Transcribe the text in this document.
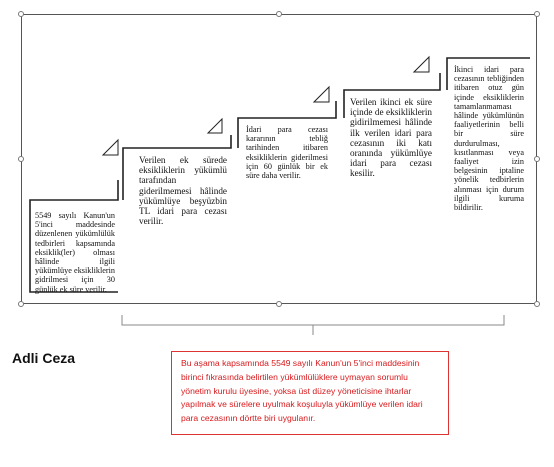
5549 sayılı Kanun'un 5'inci maddesinde düzenlenen yükümlülük tedbirleri kapsamında eksiklik(ler) olması hâlinde ilgili yükümlüye eksikliklerin gidrilmesi için 30 günlük ek süre verilir.
Verilen ek sürede eksikliklerin yükümlü tarafından giderilmemesi hâlinde yükümlüye beşyüzbin TL idari para cezası verilir.
İdari para cezası kararının tebliğ tarihinden itibaren eksikliklerin giderilmesi için 60 günlük bir ek süre daha verilir.
Verilen ikinci ek süre içinde de eksikliklerin gidirilmemesi hâlinde ilk verilen idari para cezasının iki katı oranında yükümlüye idari para cezası kesilir.
İkinci idari para cezasının tebliğinden itibaren otuz gün içinde eksikliklerin tamamlanmaması hâlinde yükümlünün faaliyetlerinin belli bir süre durdurulması, kısıtlanması veya faaliyet izin belgesinin iptaline yönelik tedbirlerin alınması için durum ilgili kuruma bildirilir.
Adli Ceza	Bu aşama kapsamında 5549 sayılı Kanun'un 5'inci maddesinin birinci fıkrasında belirtilen yükümlülüklere uymayan sorumlu yönetim kurulu üyesine, yoksa üst düzey yöneticisine ihtarlar yapılmak ve sürelere uyulmak koşuluyla yükümlüye verilen idari para cezasının dörtte biri uygulanır.
